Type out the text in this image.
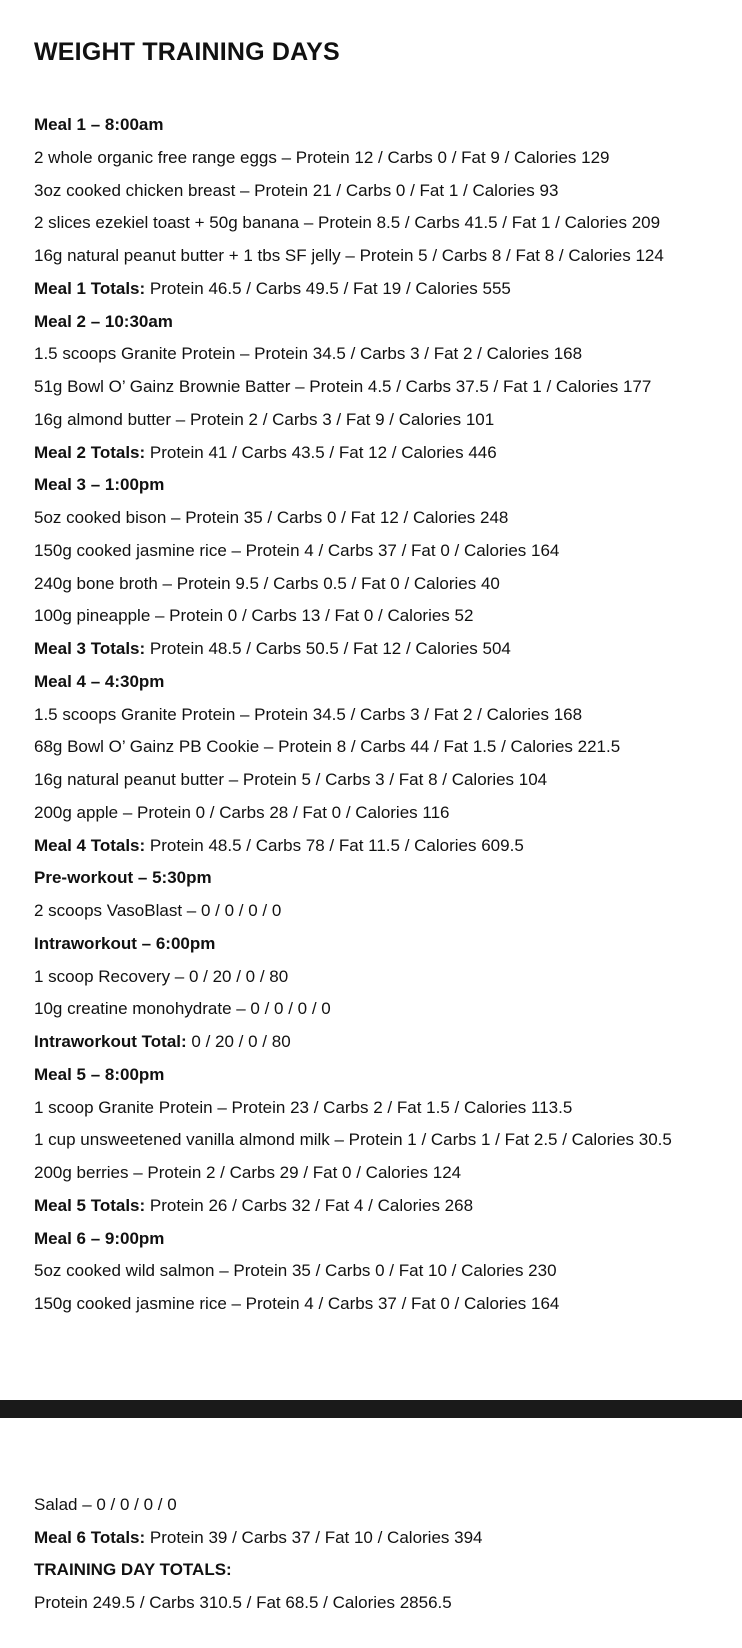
WEIGHT TRAINING DAYS
Meal 1 – 8:00am
2 whole organic free range eggs – Protein 12 / Carbs 0 / Fat 9 / Calories 129
3oz cooked chicken breast – Protein 21 / Carbs 0 / Fat 1 / Calories 93
2 slices ezekiel toast + 50g banana – Protein 8.5 / Carbs 41.5 / Fat 1 / Calories 209
16g natural peanut butter + 1 tbs SF jelly – Protein 5 / Carbs 8 / Fat 8 / Calories 124
Meal 1 Totals: Protein 46.5 / Carbs 49.5 / Fat 19 / Calories 555
Meal 2 – 10:30am
1.5 scoops Granite Protein – Protein 34.5 / Carbs 3 / Fat 2 / Calories 168
51g Bowl O’ Gainz Brownie Batter – Protein 4.5 / Carbs 37.5 / Fat 1 / Calories 177
16g almond butter – Protein 2 / Carbs 3 / Fat 9 / Calories 101
Meal 2 Totals: Protein 41 / Carbs 43.5 / Fat 12 / Calories 446
Meal 3 – 1:00pm
5oz cooked bison – Protein 35 / Carbs 0 / Fat 12 / Calories 248
150g cooked jasmine rice – Protein 4 / Carbs 37 / Fat 0 / Calories 164
240g bone broth – Protein 9.5 / Carbs 0.5 / Fat 0 / Calories 40
100g pineapple – Protein 0 / Carbs 13 / Fat 0 / Calories 52
Meal 3 Totals: Protein 48.5 / Carbs 50.5 / Fat 12 / Calories 504
Meal 4 – 4:30pm
1.5 scoops Granite Protein – Protein 34.5 / Carbs 3 / Fat 2 / Calories 168
68g Bowl O’ Gainz PB Cookie – Protein 8 / Carbs 44 / Fat 1.5 / Calories 221.5
16g natural peanut butter – Protein 5 / Carbs 3 / Fat 8 / Calories 104
200g apple – Protein 0 / Carbs 28 / Fat 0 / Calories 116
Meal 4 Totals: Protein 48.5 / Carbs 78 / Fat 11.5 / Calories 609.5
Pre-workout – 5:30pm
2 scoops VasoBlast – 0 / 0 / 0 / 0
Intraworkout – 6:00pm
1 scoop Recovery – 0 / 20 / 0 / 80
10g creatine monohydrate – 0 / 0 / 0 / 0
Intraworkout Total: 0 / 20 / 0 / 80
Meal 5 – 8:00pm
1 scoop Granite Protein – Protein 23 / Carbs 2 / Fat 1.5 / Calories 113.5
1 cup unsweetened vanilla almond milk – Protein 1 / Carbs 1 / Fat 2.5 / Calories 30.5
200g berries – Protein 2 / Carbs 29 / Fat 0 / Calories 124
Meal 5 Totals: Protein 26 / Carbs 32 / Fat 4 / Calories 268
Meal 6 – 9:00pm
5oz cooked wild salmon – Protein 35 / Carbs 0 / Fat 10 / Calories 230
150g cooked jasmine rice – Protein 4 / Carbs 37 / Fat 0 / Calories 164
Salad – 0 / 0 / 0 / 0
Meal 6 Totals: Protein 39 / Carbs 37 / Fat 10 / Calories 394
TRAINING DAY TOTALS:
Protein 249.5 / Carbs 310.5 / Fat 68.5 / Calories 2856.5
